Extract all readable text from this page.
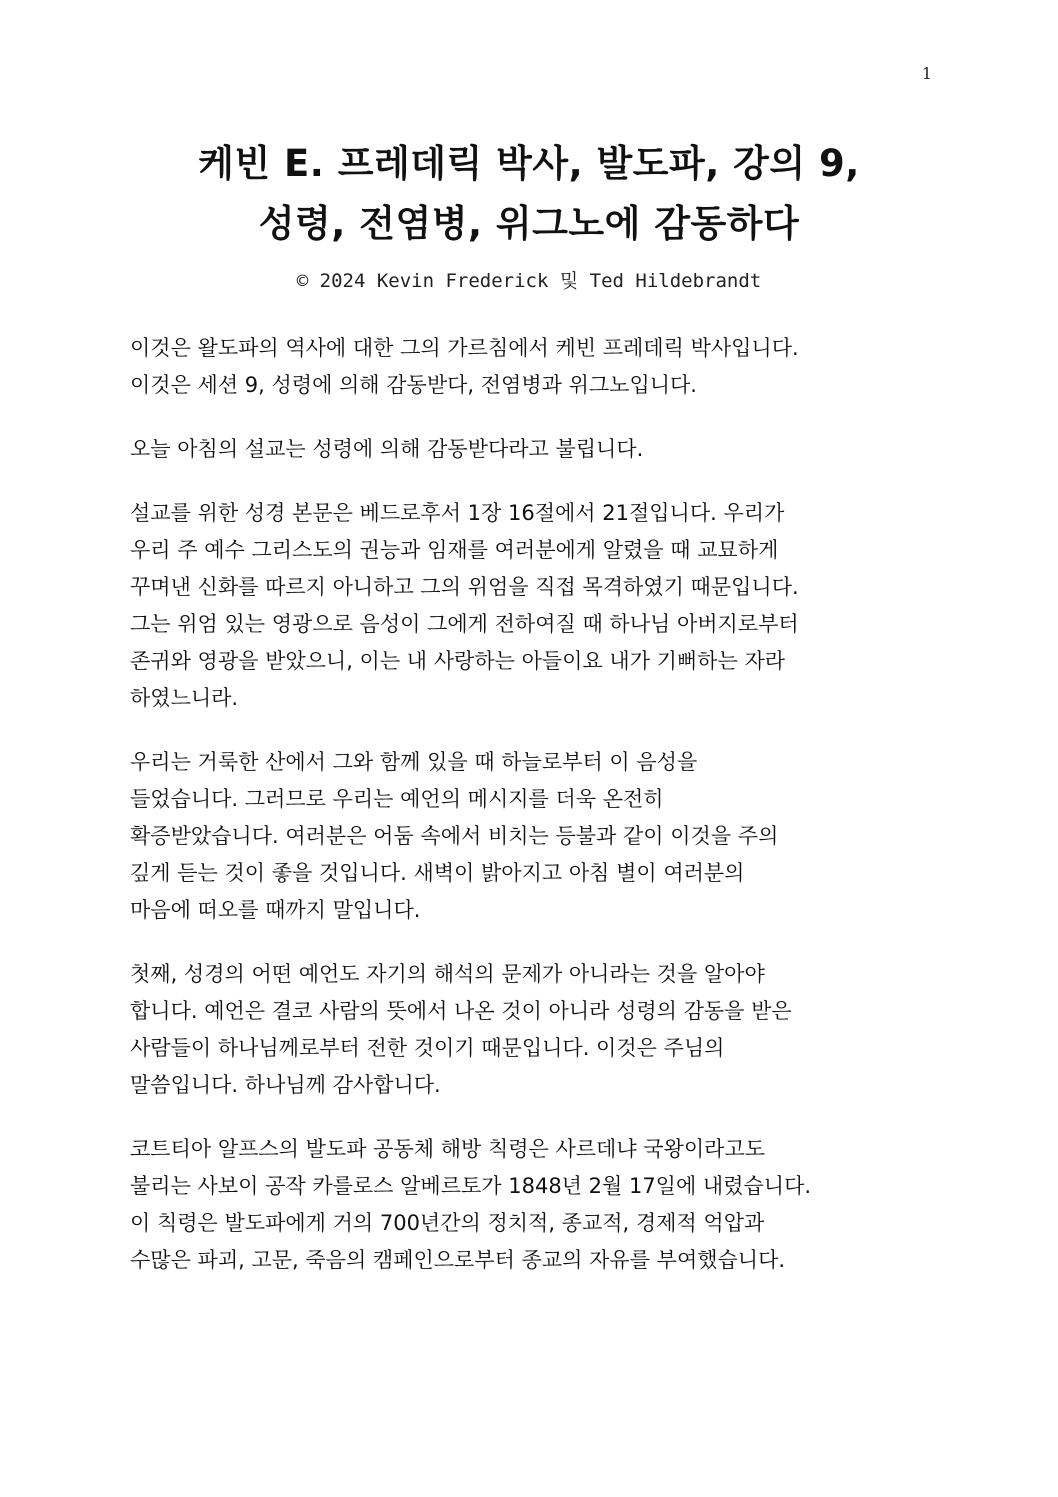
1
케빈 E. 프레데릭 박사, 발도파, 강의 9,
성령, 전염병, 위그노에 감동하다
© 2024 Kevin Frederick 및 Ted Hildebrandt

이것은 왈도파의 역사에 대한 그의 가르침에서 케빈 프레데릭 박사입니다.
이것은 세션 9, 성령에 의해 감동받다, 전염병과 위그노입니다.

오늘 아침의 설교는 성령에 의해 감동받다라고 불립니다.

설교를 위한 성경 본문은 베드로후서 1장 16절에서 21절입니다. 우리가
우리 주 예수 그리스도의 권능과 임재를 여러분에게 알렸을 때 교묘하게
꾸며낸 신화를 따르지 아니하고 그의 위엄을 직접 목격하였기 때문입니다.
그는 위엄 있는 영광으로 음성이 그에게 전하여질 때 하나님 아버지로부터
존귀와 영광을 받았으니, 이는 내 사랑하는 아들이요 내가 기뻐하는 자라
하였느니라.

우리는 거룩한 산에서 그와 함께 있을 때 하늘로부터 이 음성을
들었습니다. 그러므로 우리는 예언의 메시지를 더욱 온전히
확증받았습니다. 여러분은 어둠 속에서 비치는 등불과 같이 이것을 주의
깊게 듣는 것이 좋을 것입니다. 새벽이 밝아지고 아침 별이 여러분의
마음에 떠오를 때까지 말입니다.

첫째, 성경의 어떤 예언도 자기의 해석의 문제가 아니라는 것을 알아야
합니다. 예언은 결코 사람의 뜻에서 나온 것이 아니라 성령의 감동을 받은
사람들이 하나님께로부터 전한 것이기 때문입니다. 이것은 주님의
말씀입니다. 하나님께 감사합니다.

코트티아 알프스의 발도파 공동체 해방 칙령은 사르데냐 국왕이라고도
불리는 사보이 공작 카를로스 알베르토가 1848년 2월 17일에 내렸습니다.
이 칙령은 발도파에게 거의 700년간의 정치적, 종교적, 경제적 억압과
수많은 파괴, 고문, 죽음의 캠페인으로부터 종교의 자유를 부여했습니다.
